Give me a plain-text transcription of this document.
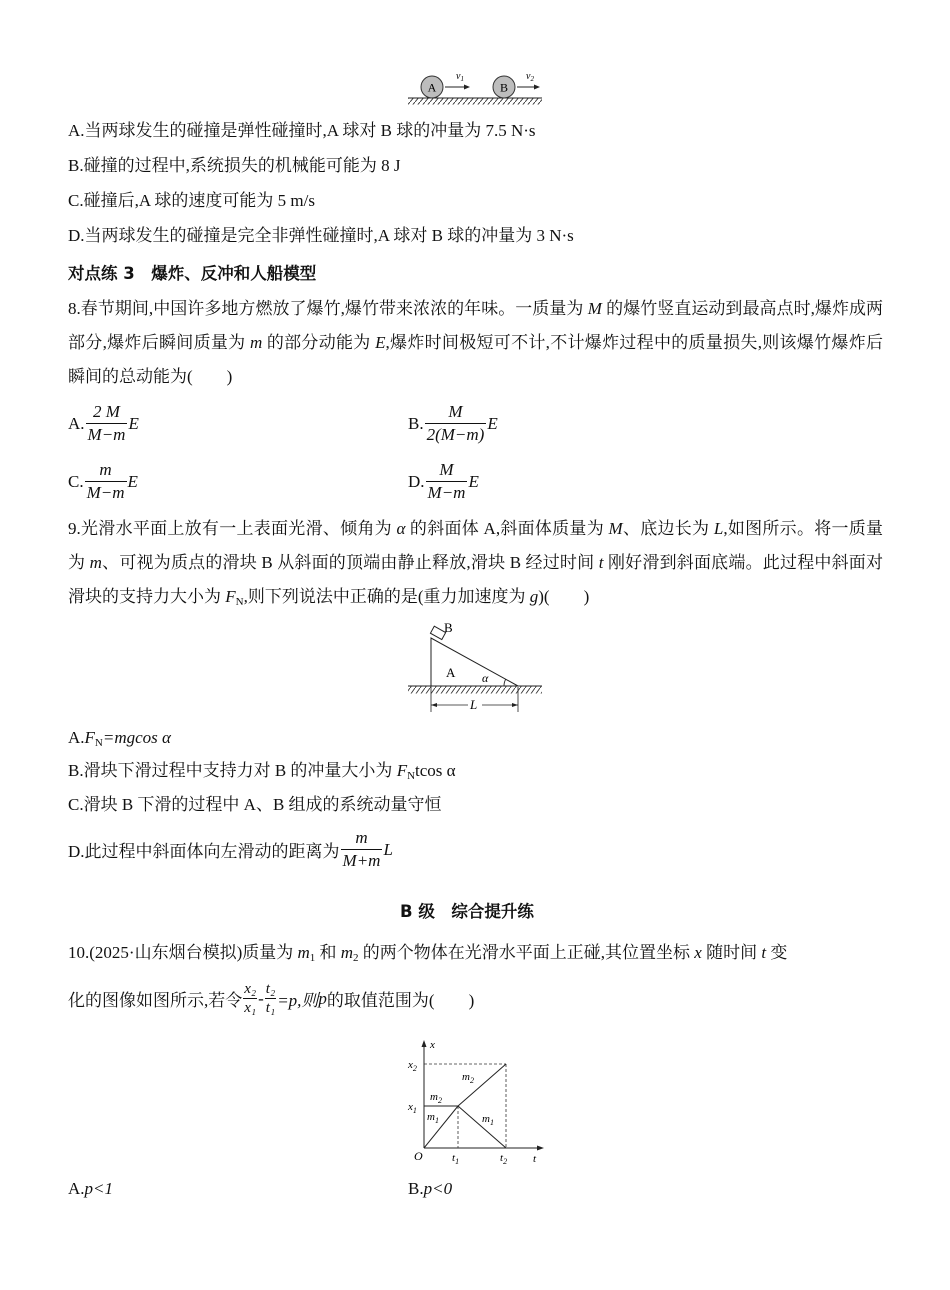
A
$v_1$
B
$v_2$
A.当两球发生的碰撞是弹性碰撞时,A 球对 B 球的冲量为 7.5 N·s
B.碰撞的过程中,系统损失的机械能可能为 8 J
C.碰撞后,A 球的速度可能为 5 m/s
D.当两球发生的碰撞是完全非弹性碰撞时,A 球对 B 球的冲量为 3 N·s
对点练 3　爆炸、反冲和人船模型
8.春节期间,中国许多地方燃放了爆竹,爆竹带来浓浓的年味。一质量为 M 的爆竹竖直运动到最高点时,爆炸成两部分,爆炸后瞬间质量为 m 的部分动能为 E,爆炸时间极短可不计,不计爆炸过程中的质量损失,则该爆竹爆炸后瞬间的总动能为(　　)
A. $\frac{2 M}{M-m}$ E	B. $\frac{M}{2(M-m)}$ E
C. $\frac{m}{M-m}$ E	D. $\frac{M}{M-m}$ E
9.光滑水平面上放有一上表面光滑、倾角为 α 的斜面体 A,斜面体质量为 M、底边长为 L,如图所示。将一质量为 m、可视为质点的滑块 B 从斜面的顶端由静止释放,滑块 B 经过时间 t 刚好滑到斜面底端。此过程中斜面对滑块的支持力大小为 $F_N$,则下列说法中正确的是(重力加速度为 g)(　　)
B
A α
L
$A.F_N=mgcos$ α
B.滑块下滑过程中支持力对 B 的冲量大小为 $F_Ntcos$ α
C.滑块 B 下滑的过程中 A、B 组成的系统动量守恒
D.此过程中斜面体向左滑动的距离为 $\frac{m}{M+m}$ L
B 级　综合提升练
10.(2025·山东烟台模拟)质量为 $m_1$ 和 $m_2$ 的两个物体在光滑水平面上正碰,其位置坐标 x 随时间 t 变
化的图像如图所示,若令 $\frac{\text{x₂}}{\text{x₁}} - \frac{\text{t₂}}{\text{t₁}} =p$,则 p 的取值范围为(　　)
x
t
O
$x_2$
$x_1$
$t_1$	$t_2$
$m_2$
$m_1$
$m_2$
$m_1$
A.p<1	B.p<0
